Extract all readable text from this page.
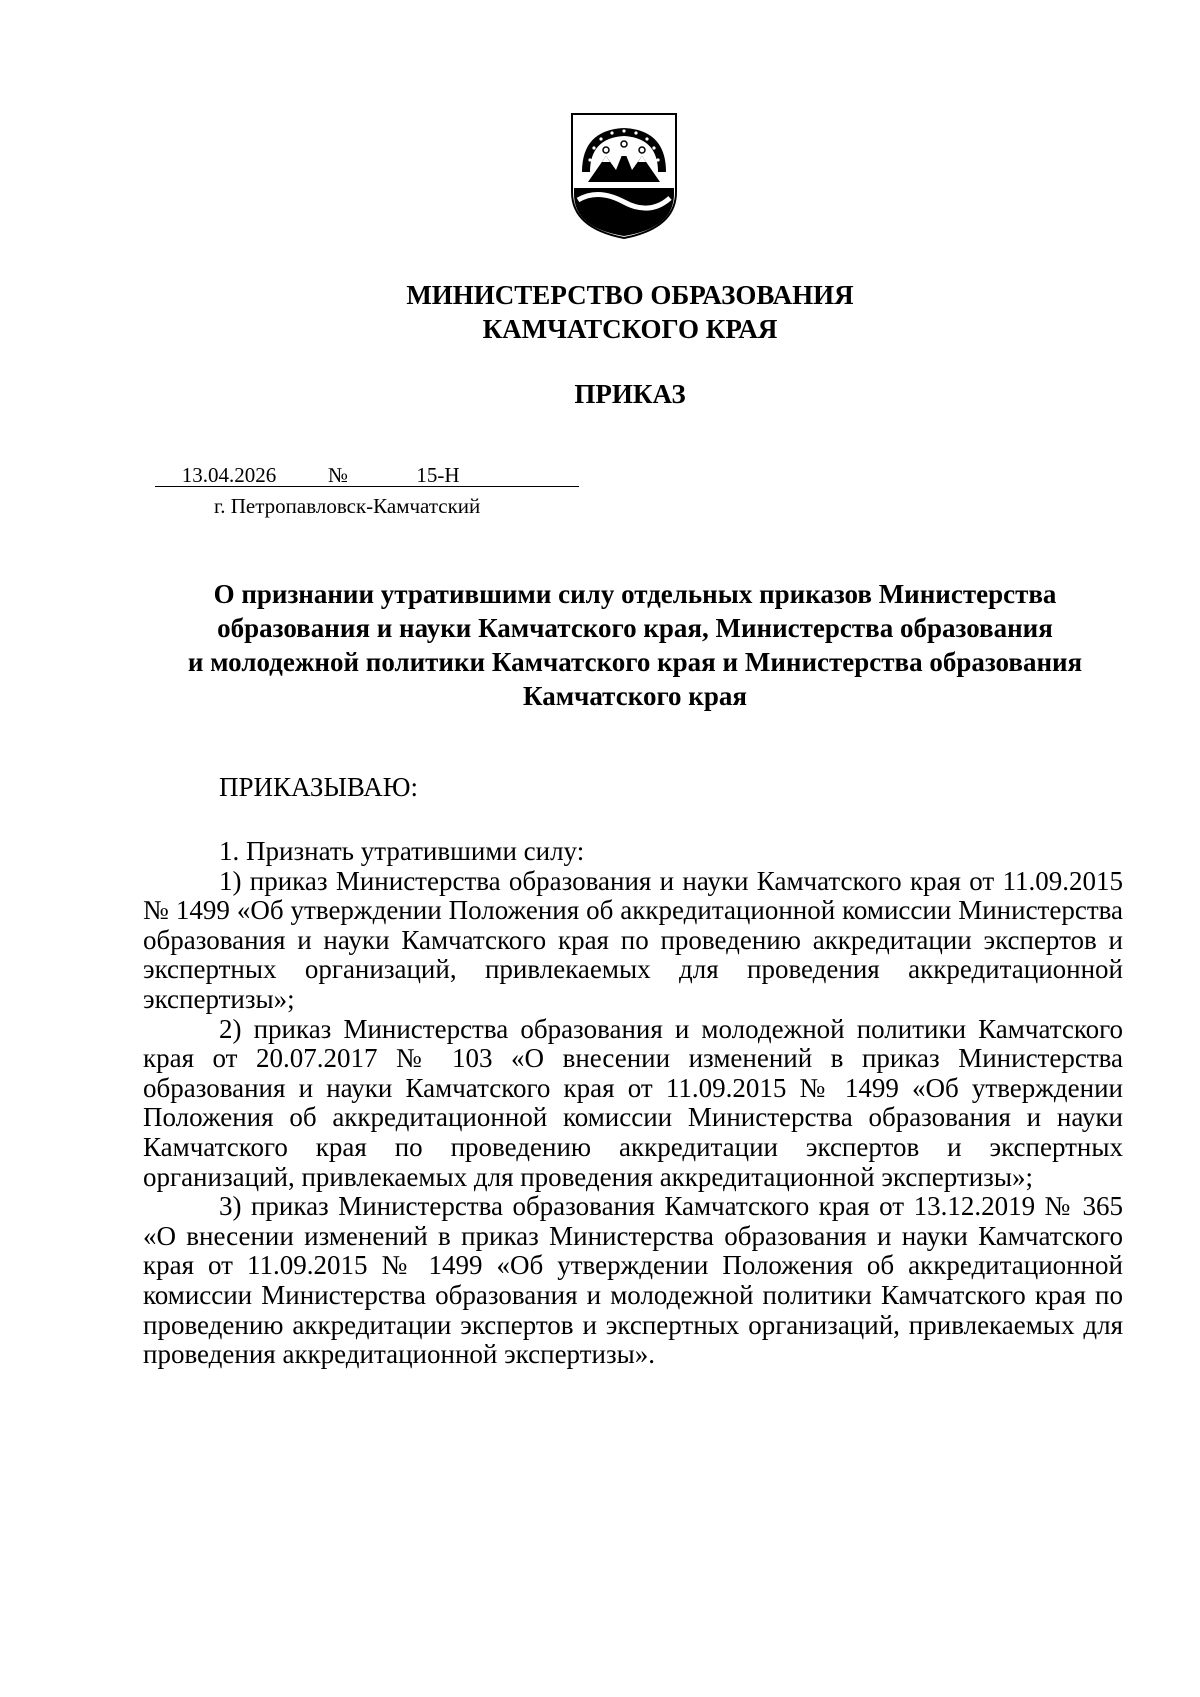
МИНИСТЕРСТВО ОБРАЗОВАНИЯ
КАМЧАТСКОГО КРАЯ
ПРИКАЗ
13.04.2026	№	15-Н
г. Петропавловск-Камчатский
О признании утратившими силу отдельных приказов Министерства
образования и науки Камчатского края, Министерства образования
и молодежной политики Камчатского края и Министерства образования
Камчатского края
ПРИКАЗЫВАЮ:

1. Признать утратившими силу:

1) приказ Министерства образования и науки Камчатского края от 11.09.2015 № 1499 «Об утверждении Положения об аккредитационной комиссии Министерства образования и науки Камчатского края по проведению аккредитации экспертов и экспертных организаций, привлекаемых для проведения аккредитационной экспертизы»;

2) приказ Министерства образования и молодежной политики Камчатского края от 20.07.2017 № 103 «О внесении изменений в приказ Министерства образования и науки Камчатского края от 11.09.2015 № 1499 «Об утверждении Положения об аккредитационной комиссии Министерства образования и науки Камчатского края по проведению аккредитации экспертов и экспертных организаций, привлекаемых для проведения аккредитационной экспертизы»;

3) приказ Министерства образования Камчатского края от 13.12.2019 № 365 «О внесении изменений в приказ Министерства образования и науки Камчатского края от 11.09.2015 № 1499 «Об утверждении Положения об аккредитационной комиссии Министерства образования и молодежной политики Камчатского края по проведению аккредитации экспертов и экспертных организаций, привлекаемых для проведения аккредитационной экспертизы».
